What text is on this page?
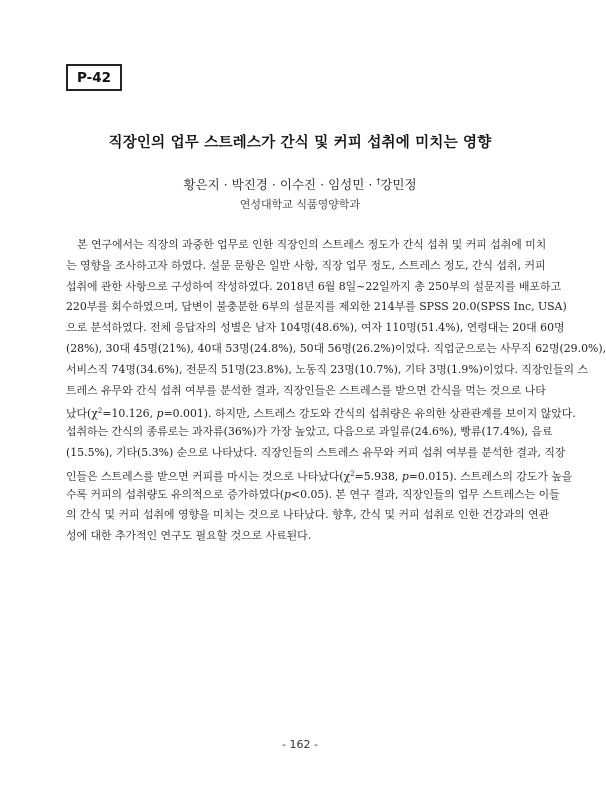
P-42
직장인의 업무 스트레스가 간식 및 커피 섭취에 미치는 영향
황은지 · 박진경 · 이수진 · 임성민 · †강민정
연성대학교 식품영양학과
본 연구에서는 직장의 과중한 업무로 인한 직장인의 스트레스 정도가 간식 섭취 및 커피 섭취에 미치
는 영향을 조사하고자 하였다. 설문 문항은 일반 사항, 직장 업무 정도, 스트레스 정도, 간식 섭취, 커피
섭취에 관한 사항으로 구성하여 작성하였다. 2018년 6월 8일~22일까지 총 250부의 설문지를 배포하고
220부를 회수하였으며, 답변이 불충분한 6부의 설문지를 제외한 214부를 SPSS 20.0(SPSS Inc, USA)
으로 분석하였다. 전체 응답자의 성별은 남자 104명(48.6%), 여자 110명(51.4%), 연령대는 20대 60명
(28%), 30대 45명(21%), 40대 53명(24.8%), 50대 56명(26.2%)이었다. 직업군으로는 사무직 62명(29.0%),
서비스직 74명(34.6%), 전문직 51명(23.8%), 노동직 23명(10.7%), 기타 3명(1.9%)이었다. 직장인들의 스
트레스 유무와 간식 섭취 여부를 분석한 결과, 직장인들은 스트레스를 받으면 간식을 먹는 것으로 나타
났다($\chi^2=10.126$, p=0.001). 하지만, 스트레스 강도와 간식의 섭취량은 유의한 상관관계를 보이지 않았다.
섭취하는 간식의 종류로는 과자류(36%)가 가장 높았고, 다음으로 과일류(24.6%), 빵류(17.4%), 음료
(15.5%), 기타(5.3%) 순으로 나타났다. 직장인들의 스트레스 유무와 커피 섭취 여부를 분석한 결과, 직장
인들은 스트레스를 받으면 커피를 마시는 것으로 나타났다($\chi^2=5.938$, p=0.015). 스트레스의 강도가 높을
수록 커피의 섭취량도 유의적으로 증가하였다(p<0.05). 본 연구 결과, 직장인들의 업무 스트레스는 이들
의 간식 및 커피 섭취에 영향을 미치는 것으로 나타났다. 향후, 간식 및 커피 섭취로 인한 건강과의 연관
성에 대한 추가적인 연구도 필요할 것으로 사료된다.
- 162 -
